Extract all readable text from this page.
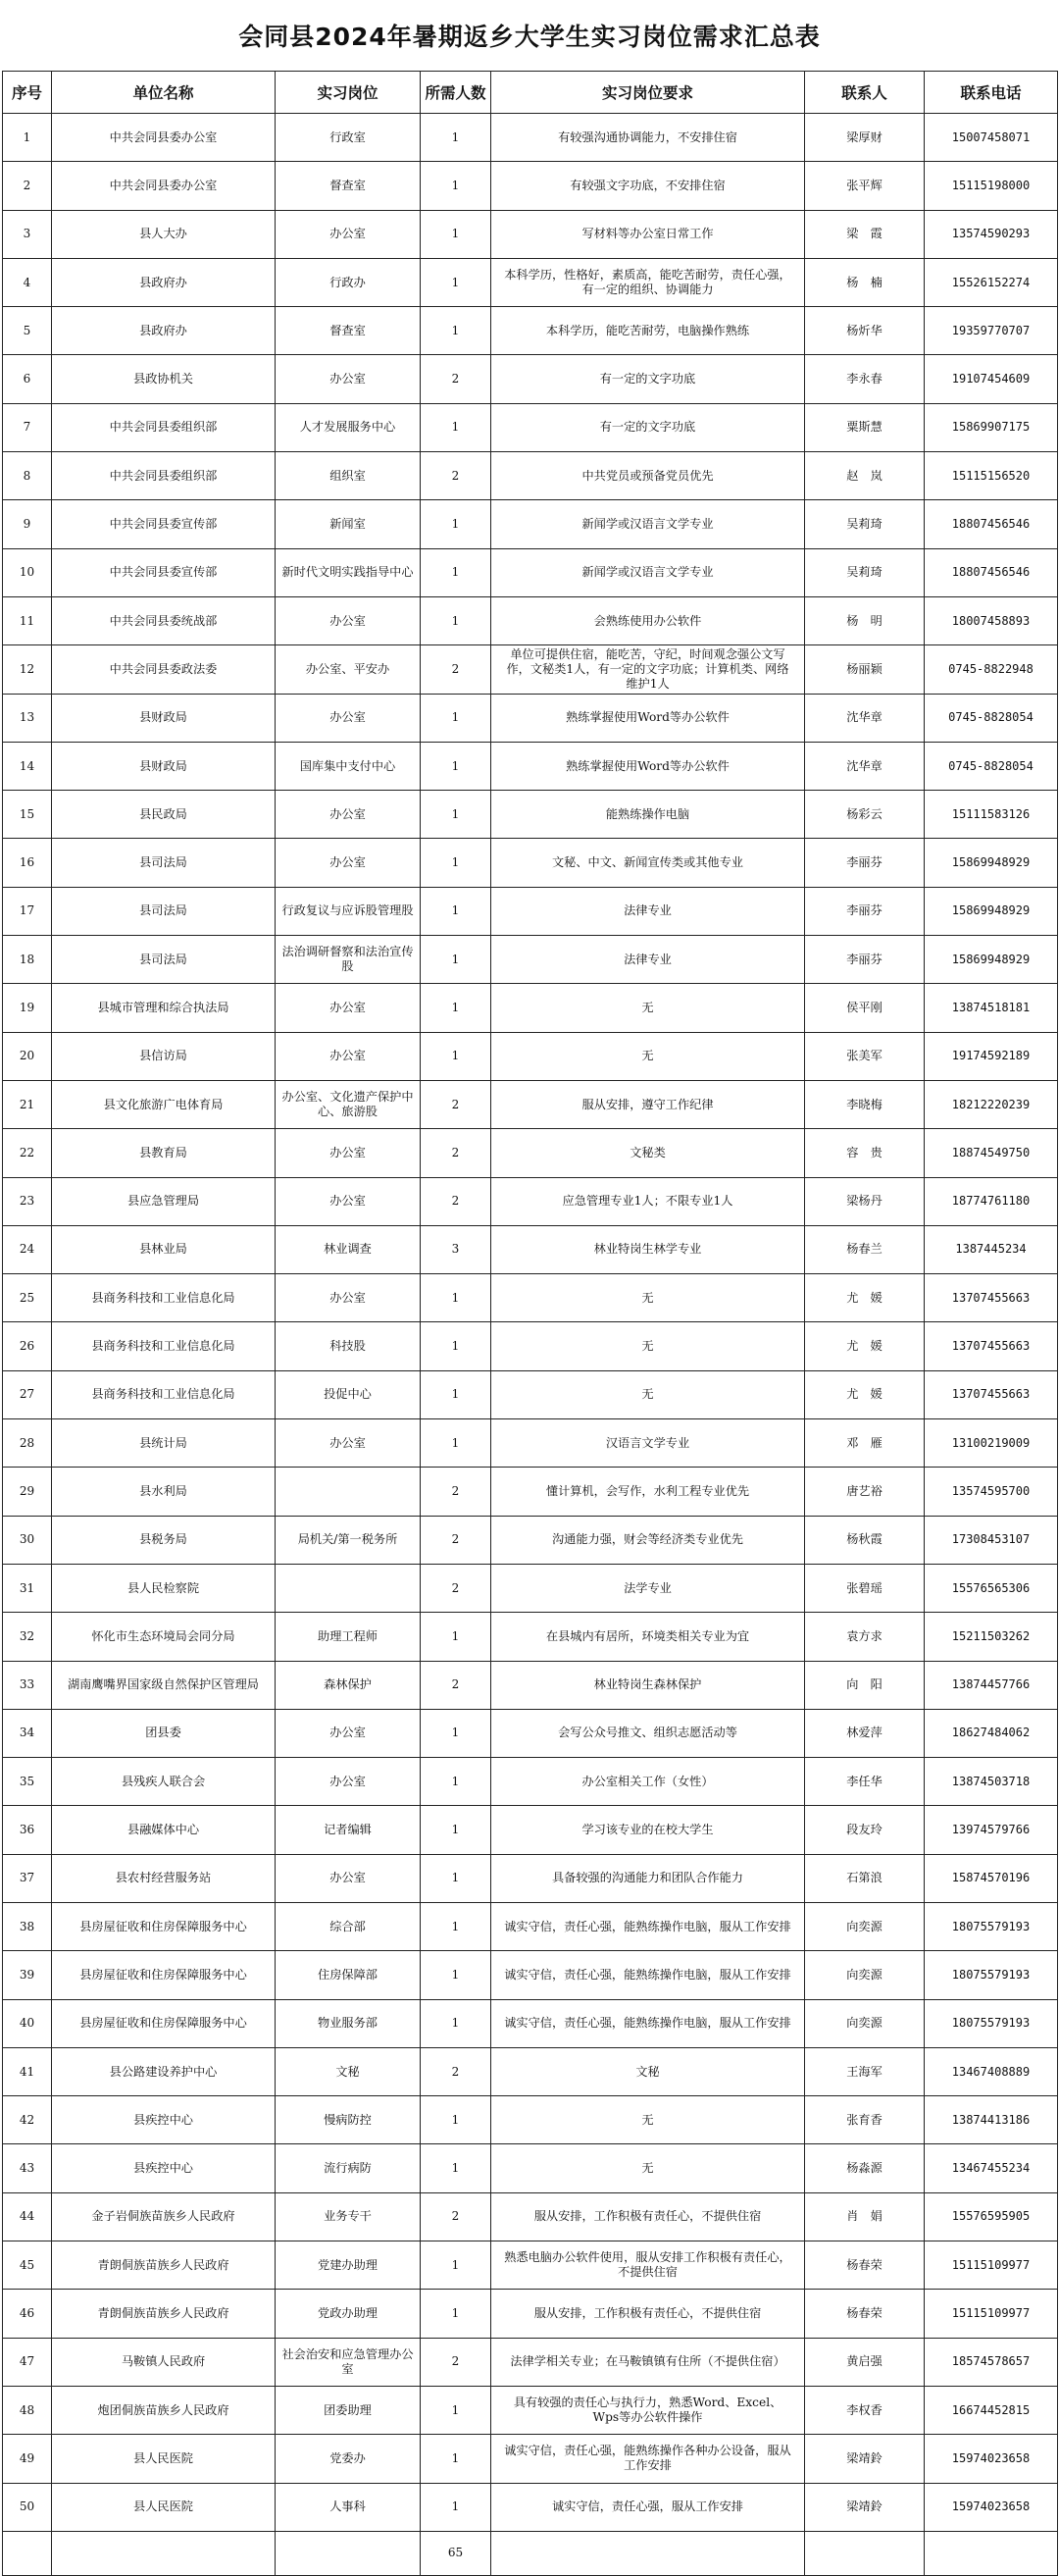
会同县2024年暑期返乡大学生实习岗位需求汇总表
序号	单位名称	实习岗位	所需人数	实习岗位要求	联系人	联系电话
1	中共会同县委办公室	行政室	1	有较强沟通协调能力，不安排住宿	梁厚财	15007458071
2	中共会同县委办公室	督查室	1	有较强文字功底，不安排住宿	张平辉	15115198000
3	县人大办	办公室	1	写材料等办公室日常工作	梁　霞	13574590293
4	县政府办	行政办	1	本科学历，性格好，素质高，能吃苦耐劳，责任心强，有一定的组织、协调能力	杨　楠	15526152274
5	县政府办	督查室	1	本科学历，能吃苦耐劳，电脑操作熟练	杨炘华	19359770707
6	县政协机关	办公室	2	有一定的文字功底	李永春	19107454609
7	中共会同县委组织部	人才发展服务中心	1	有一定的文字功底	粟斯慧	15869907175
8	中共会同县委组织部	组织室	2	中共党员或预备党员优先	赵　岚	15115156520
9	中共会同县委宣传部	新闻室	1	新闻学或汉语言文学专业	吴莉琦	18807456546
10	中共会同县委宣传部	新时代文明实践指导中心	1	新闻学或汉语言文学专业	吴莉琦	18807456546
11	中共会同县委统战部	办公室	1	会熟练使用办公软件	杨　明	18007458893
12	中共会同县委政法委	办公室、平安办	2	单位可提供住宿，能吃苦，守纪，时间观念强公文写作，文秘类1人，有一定的文字功底；计算机类、网络维护1人	杨丽颖	0745-8822948
13	县财政局	办公室	1	熟练掌握使用Word等办公软件	沈华章	0745-8828054
14	县财政局	国库集中支付中心	1	熟练掌握使用Word等办公软件	沈华章	0745-8828054
15	县民政局	办公室	1	能熟练操作电脑	杨彩云	15111583126
16	县司法局	办公室	1	文秘、中文、新闻宣传类或其他专业	李丽芬	15869948929
17	县司法局	行政复议与应诉股管理股	1	法律专业	李丽芬	15869948929
18	县司法局	法治调研督察和法治宣传股	1	法律专业	李丽芬	15869948929
19	县城市管理和综合执法局	办公室	1	无	侯平刚	13874518181
20	县信访局	办公室	1	无	张美军	19174592189
21	县文化旅游广电体育局	办公室、文化遗产保护中心、旅游股	2	服从安排，遵守工作纪律	李晓梅	18212220239
22	县教育局	办公室	2	文秘类	容　贵	18874549750
23	县应急管理局	办公室	2	应急管理专业1人；不限专业1人	梁杨丹	18774761180
24	县林业局	林业调查	3	林业特岗生林学专业	杨春兰	1387445234
25	县商务科技和工业信息化局	办公室	1	无	尤　媛	13707455663
26	县商务科技和工业信息化局	科技股	1	无	尤　媛	13707455663
27	县商务科技和工业信息化局	投促中心	1	无	尤　媛	13707455663
28	县统计局	办公室	1	汉语言文学专业	邓　雁	13100219009
29	县水利局		2	懂计算机，会写作，水利工程专业优先	唐艺裕	13574595700
30	县税务局	局机关/第一税务所	2	沟通能力强，财会等经济类专业优先	杨秋霞	17308453107
31	县人民检察院		2	法学专业	张碧瑶	15576565306
32	怀化市生态环境局会同分局	助理工程师	1	在县城内有居所，环境类相关专业为宜	袁方求	15211503262
33	湖南鹰嘴界国家级自然保护区管理局	森林保护	2	林业特岗生森林保护	向　阳	13874457766
34	团县委	办公室	1	会写公众号推文、组织志愿活动等	林爱萍	18627484062
35	县残疾人联合会	办公室	1	办公室相关工作（女性）	李任华	13874503718
36	县融媒体中心	记者编辑	1	学习该专业的在校大学生	段友玲	13974579766
37	县农村经营服务站	办公室	1	具备较强的沟通能力和团队合作能力	石第浪	15874570196
38	县房屋征收和住房保障服务中心	综合部	1	诚实守信，责任心强，能熟练操作电脑，服从工作安排	向奕源	18075579193
39	县房屋征收和住房保障服务中心	住房保障部	1	诚实守信，责任心强，能熟练操作电脑，服从工作安排	向奕源	18075579193
40	县房屋征收和住房保障服务中心	物业服务部	1	诚实守信，责任心强，能熟练操作电脑，服从工作安排	向奕源	18075579193
41	县公路建设养护中心	文秘	2	文秘	王海军	13467408889
42	县疾控中心	慢病防控	1	无	张育香	13874413186
43	县疾控中心	流行病防	1	无	杨淼源	13467455234
44	金子岩侗族苗族乡人民政府	业务专干	2	服从安排，工作积极有责任心，不提供住宿	肖　娟	15576595905
45	青朗侗族苗族乡人民政府	党建办助理	1	熟悉电脑办公软件使用，服从安排工作积极有责任心，不提供住宿	杨春荣	15115109977
46	青朗侗族苗族乡人民政府	党政办助理	1	服从安排，工作积极有责任心，不提供住宿	杨春荣	15115109977
47	马鞍镇人民政府	社会治安和应急管理办公室	2	法律学相关专业；在马鞍镇镇有住所（不提供住宿）	黄启强	18574578657
48	炮团侗族苗族乡人民政府	团委助理	1	具有较强的责任心与执行力，熟悉Word、Excel、Wps等办公软件操作	李权香	16674452815
49	县人民医院	党委办	1	诚实守信，责任心强，能熟练操作各种办公设备，服从工作安排	梁靖鈴	15974023658
50	县人民医院	人事科	1	诚实守信，责任心强，服从工作安排	梁靖鈴	15974023658
			65			
